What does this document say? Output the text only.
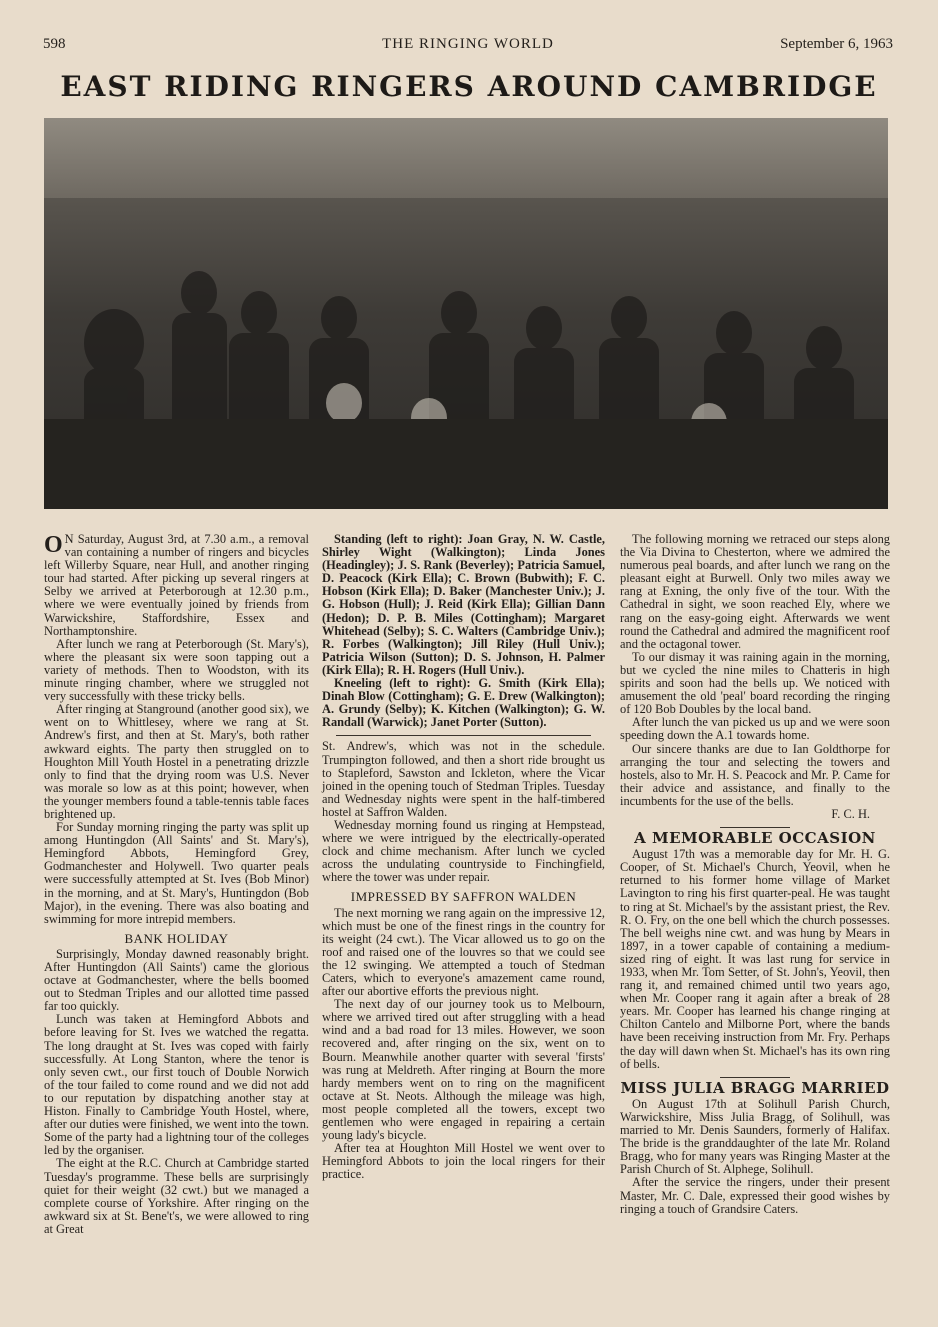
598	THE RINGING WORLD	September 6, 1963
EAST RIDING RINGERS AROUND CAMBRIDGE

O N Saturday, August 3rd, at 7.30 a.m., a removal van containing a number of ringers and bicycles left Willerby Square, near Hull, and another ringing tour had started. After picking up several ringers at Selby we arrived at Peterborough at 12.30 p.m., where we were eventually joined by friends from Warwickshire, Staffordshire, Essex and Northamptonshire.

After lunch we rang at Peterborough (St. Mary's), where the pleasant six were soon tapping out a variety of methods. Then to Woodston, with its minute ringing chamber, where we struggled not very successfully with these tricky bells.

After ringing at Stanground (another good six), we went on to Whittlesey, where we rang at St. Andrew's first, and then at St. Mary's, both rather awkward eights. The party then struggled on to Houghton Mill Youth Hostel in a penetrating drizzle only to find that the drying room was U.S. Never was morale so low as at this point; however, when the younger members found a table-tennis table faces brightened up.

For Sunday morning ringing the party was split up among Huntingdon (All Saints' and St. Mary's), Hemingford Abbots, Hemingford Grey, Godmanchester and Holywell. Two quarter peals were successfully attempted at St. Ives (Bob Minor) in the morning, and at St. Mary's, Huntingdon (Bob Major), in the evening. There was also boating and swimming for more intrepid members.

BANK HOLIDAY

Surprisingly, Monday dawned reasonably bright. After Huntingdon (All Saints') came the glorious octave at Godmanchester, where the bells boomed out to Stedman Triples and our allotted time passed far too quickly.

Lunch was taken at Hemingford Abbots and before leaving for St. Ives we watched the regatta. The long draught at St. Ives was coped with fairly successfully. At Long Stanton, where the tenor is only seven cwt., our first touch of Double Norwich of the tour failed to come round and we did not add to our reputation by dispatching another stay at Histon. Finally to Cambridge Youth Hostel, where, after our duties were finished, we went into the town. Some of the party had a lightning tour of the colleges led by the organiser.

The eight at the R.C. Church at Cambridge started Tuesday's programme. These bells are surprisingly quiet for their weight (32 cwt.) but we managed a complete course of Yorkshire. After ringing on the awkward six at St. Bene't's, we were allowed to ring at Great

Standing (left to right): Joan Gray, N. W. Castle, Shirley Wight (Walkington); Linda Jones (Headingley); J. S. Rank (Beverley); Patricia Samuel, D. Peacock (Kirk Ella); C. Brown (Bubwith); F. C. Hobson (Kirk Ella); D. Baker (Manchester Univ.); J. G. Hobson (Hull); J. Reid (Kirk Ella); Gillian Dann (Hedon); D. P. B. Miles (Cottingham); Margaret Whitehead (Selby); S. C. Walters (Cambridge Univ.); R. Forbes (Walkington); Jill Riley (Hull Univ.); Patricia Wilson (Sutton); D. S. Johnson, H. Palmer (Kirk Ella); R. H. Rogers (Hull Univ.).

Kneeling (left to right): G. Smith (Kirk Ella); Dinah Blow (Cottingham); G. E. Drew (Walkington); A. Grundy (Selby); K. Kitchen (Walkington); G. W. Randall (Warwick); Janet Porter (Sutton).

St. Andrew's, which was not in the schedule. Trumpington followed, and then a short ride brought us to Stapleford, Sawston and Ickleton, where the Vicar joined in the opening touch of Stedman Triples. Tuesday and Wednesday nights were spent in the half-timbered hostel at Saffron Walden.

Wednesday morning found us ringing at Hempstead, where we were intrigued by the electrically-operated clock and chime mechanism. After lunch we cycled across the undulating countryside to Finchingfield, where the tower was under repair.

IMPRESSED BY SAFFRON WALDEN

The next morning we rang again on the impressive 12, which must be one of the finest rings in the country for its weight (24 cwt.). The Vicar allowed us to go on the roof and raised one of the louvres so that we could see the 12 swinging. We attempted a touch of Stedman Caters, which to everyone's amazement came round, after our abortive efforts the previous night.

The next day of our journey took us to Melbourn, where we arrived tired out after struggling with a head wind and a bad road for 13 miles. However, we soon recovered and, after ringing on the six, went on to Bourn. Meanwhile another quarter with several 'firsts' was rung at Meldreth. After ringing at Bourn the more hardy members went on to ring on the magnificent octave at St. Neots. Although the mileage was high, most people completed all the towers, except two gentlemen who were engaged in repairing a certain young lady's bicycle.

After tea at Houghton Mill Hostel we went over to Hemingford Abbots to join the local ringers for their practice.

The following morning we retraced our steps along the Via Divina to Chesterton, where we admired the numerous peal boards, and after lunch we rang on the pleasant eight at Burwell. Only two miles away we rang at Exning, the only five of the tour. With the Cathedral in sight, we soon reached Ely, where we rang on the easy-going eight. Afterwards we went round the Cathedral and admired the magnificent roof and the octagonal tower.

To our dismay it was raining again in the morning, but we cycled the nine miles to Chatteris in high spirits and soon had the bells up. We noticed with amusement the old 'peal' board recording the ringing of 120 Bob Doubles by the local band.

After lunch the van picked us up and we were soon speeding down the A.1 towards home.

Our sincere thanks are due to Ian Goldthorpe for arranging the tour and selecting the towers and hostels, also to Mr. H. S. Peacock and Mr. P. Came for their advice and assistance, and finally to the incumbents for the use of the bells.

F. C. H.
A MEMORABLE OCCASION

August 17th was a memorable day for Mr. H. G. Cooper, of St. Michael's Church, Yeovil, when he returned to his former home village of Market Lavington to ring his first quarter-peal. He was taught to ring at St. Michael's by the assistant priest, the Rev. R. O. Fry, on the one bell which the church possesses. The bell weighs nine cwt. and was hung by Mears in 1897, in a tower capable of containing a medium-sized ring of eight. It was last rung for service in 1933, when Mr. Tom Setter, of St. John's, Yeovil, then rang it, and remained chimed until two years ago, when Mr. Cooper rang it again after a break of 28 years. Mr. Cooper has learned his change ringing at Chilton Cantelo and Milborne Port, where the bands have been receiving instruction from Mr. Fry. Perhaps the day will dawn when St. Michael's has its own ring of bells.

MISS JULIA BRAGG MARRIED

On August 17th at Solihull Parish Church, Warwickshire, Miss Julia Bragg, of Solihull, was married to Mr. Denis Saunders, formerly of Halifax. The bride is the granddaughter of the late Mr. Roland Bragg, who for many years was Ringing Master at the Parish Church of St. Alphege, Solihull.

After the service the ringers, under their present Master, Mr. C. Dale, expressed their good wishes by ringing a touch of Grandsire Caters.
